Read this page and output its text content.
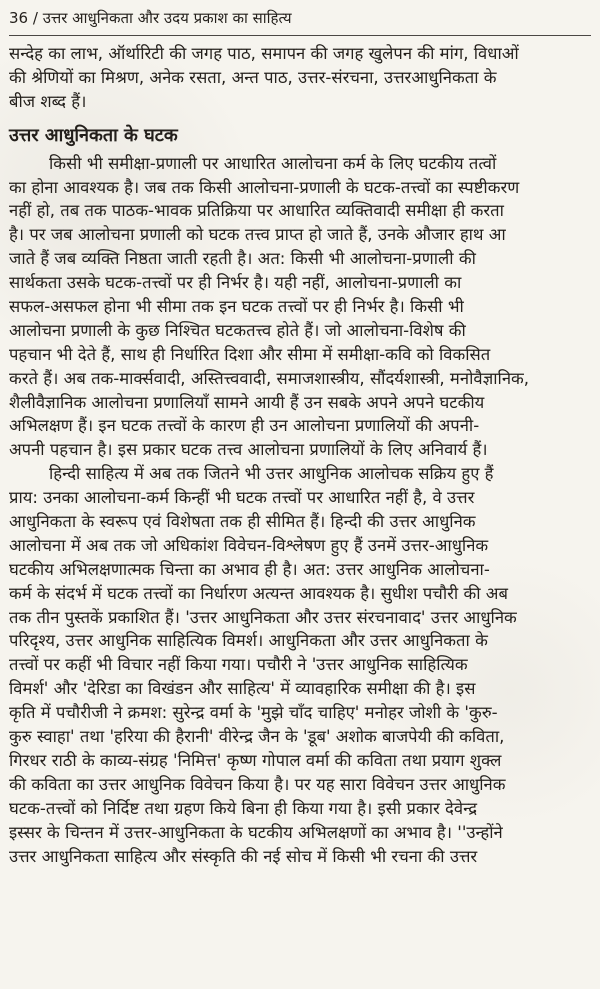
36 / उत्तर आधुनिकता और उदय प्रकाश का साहित्य
सन्देह का लाभ, ऑर्थारिटी की जगह पाठ, समापन की जगह खुलेपन की मांग, विधाओं
की श्रेणियों का मिश्रण, अनेक रसता, अन्त पाठ, उत्तर-संरचना, उत्तरआधुनिकता के
बीज शब्द हैं।
उत्तर आधुनिकता के घटक
किसी भी समीक्षा-प्रणाली पर आधारित आलोचना कर्म के लिए घटकीय तत्वों
का होना आवश्यक है। जब तक किसी आलोचना-प्रणाली के घटक-तत्त्वों का स्पष्टीकरण
नहीं हो, तब तक पाठक-भावक प्रतिक्रिया पर आधारित व्यक्तिवादी समीक्षा ही करता
है। पर जब आलोचना प्रणाली को घटक तत्त्व प्राप्त हो जाते हैं, उनके औजार हाथ आ
जाते हैं जब व्यक्ति निष्ठता जाती रहती है। अत: किसी भी आलोचना-प्रणाली की
सार्थकता उसके घटक-तत्त्वों पर ही निर्भर है। यही नहीं, आलोचना-प्रणाली का
सफल-असफल होना भी सीमा तक इन घटक तत्त्वों पर ही निर्भर है। किसी भी
आलोचना प्रणाली के कुछ निश्चित घटकतत्त्व होते हैं। जो आलोचना-विशेष की
पहचान भी देते हैं, साथ ही निर्धारित दिशा और सीमा में समीक्षा-कवि को विकसित
करते हैं। अब तक-मार्क्सवादी, अस्तित्त्ववादी, समाजशास्त्रीय, सौंदर्यशास्त्री, मनोवैज्ञानिक,
शैलीवैज्ञानिक आलोचना प्रणालियाँ सामने आयी हैं उन सबके अपने अपने घटकीय
अभिलक्षण हैं। इन घटक तत्त्वों के कारण ही उन आलोचना प्रणालियों की अपनी-
अपनी पहचान है। इस प्रकार घटक तत्त्व आलोचना प्रणालियों के लिए अनिवार्य हैं।
हिन्दी साहित्य में अब तक जितने भी उत्तर आधुनिक आलोचक सक्रिय हुए हैं
प्राय: उनका आलोचना-कर्म किन्हीं भी घटक तत्त्वों पर आधारित नहीं है, वे उत्तर
आधुनिकता के स्वरूप एवं विशेषता तक ही सीमित हैं। हिन्दी की उत्तर आधुनिक
आलोचना में अब तक जो अधिकांश विवेचन-विश्लेषण हुए हैं उनमें उत्तर-आधुनिक
घटकीय अभिलक्षणात्मक चिन्ता का अभाव ही है। अत: उत्तर आधुनिक आलोचना-
कर्म के संदर्भ में घटक तत्त्वों का निर्धारण अत्यन्त आवश्यक है। सुधीश पचौरी की अब
तक तीन पुस्तकें प्रकाशित हैं। 'उत्तर आधुनिकता और उत्तर संरचनावाद' उत्तर आधुनिक
परिदृश्य, उत्तर आधुनिक साहित्यिक विमर्श। आधुनिकता और उत्तर आधुनिकता के
तत्त्वों पर कहीं भी विचार नहीं किया गया। पचौरी ने 'उत्तर आधुनिक साहित्यिक
विमर्श' और 'देरिडा का विखंडन और साहित्य' में व्यावहारिक समीक्षा की है। इस
कृति में पचौरीजी ने क्रमश: सुरेन्द्र वर्मा के 'मुझे चाँद चाहिए' मनोहर जोशी के 'कुरु-
कुरु स्वाहा' तथा 'हरिया की हैरानी' वीरेन्द्र जैन के 'डूब' अशोक बाजपेयी की कविता,
गिरधर राठी के काव्य-संग्रह 'निमित्त' कृष्ण गोपाल वर्मा की कविता तथा प्रयाग शुक्ल
की कविता का उत्तर आधुनिक विवेचन किया है। पर यह सारा विवेचन उत्तर आधुनिक
घटक-तत्त्वों को निर्दिष्ट तथा ग्रहण किये बिना ही किया गया है। इसी प्रकार देवेन्द्र
इस्सर के चिन्तन में उत्तर-आधुनिकता के घटकीय अभिलक्षणों का अभाव है। ''उन्होंने
उत्तर आधुनिकता साहित्य और संस्कृति की नई सोच में किसी भी रचना की उत्तर
